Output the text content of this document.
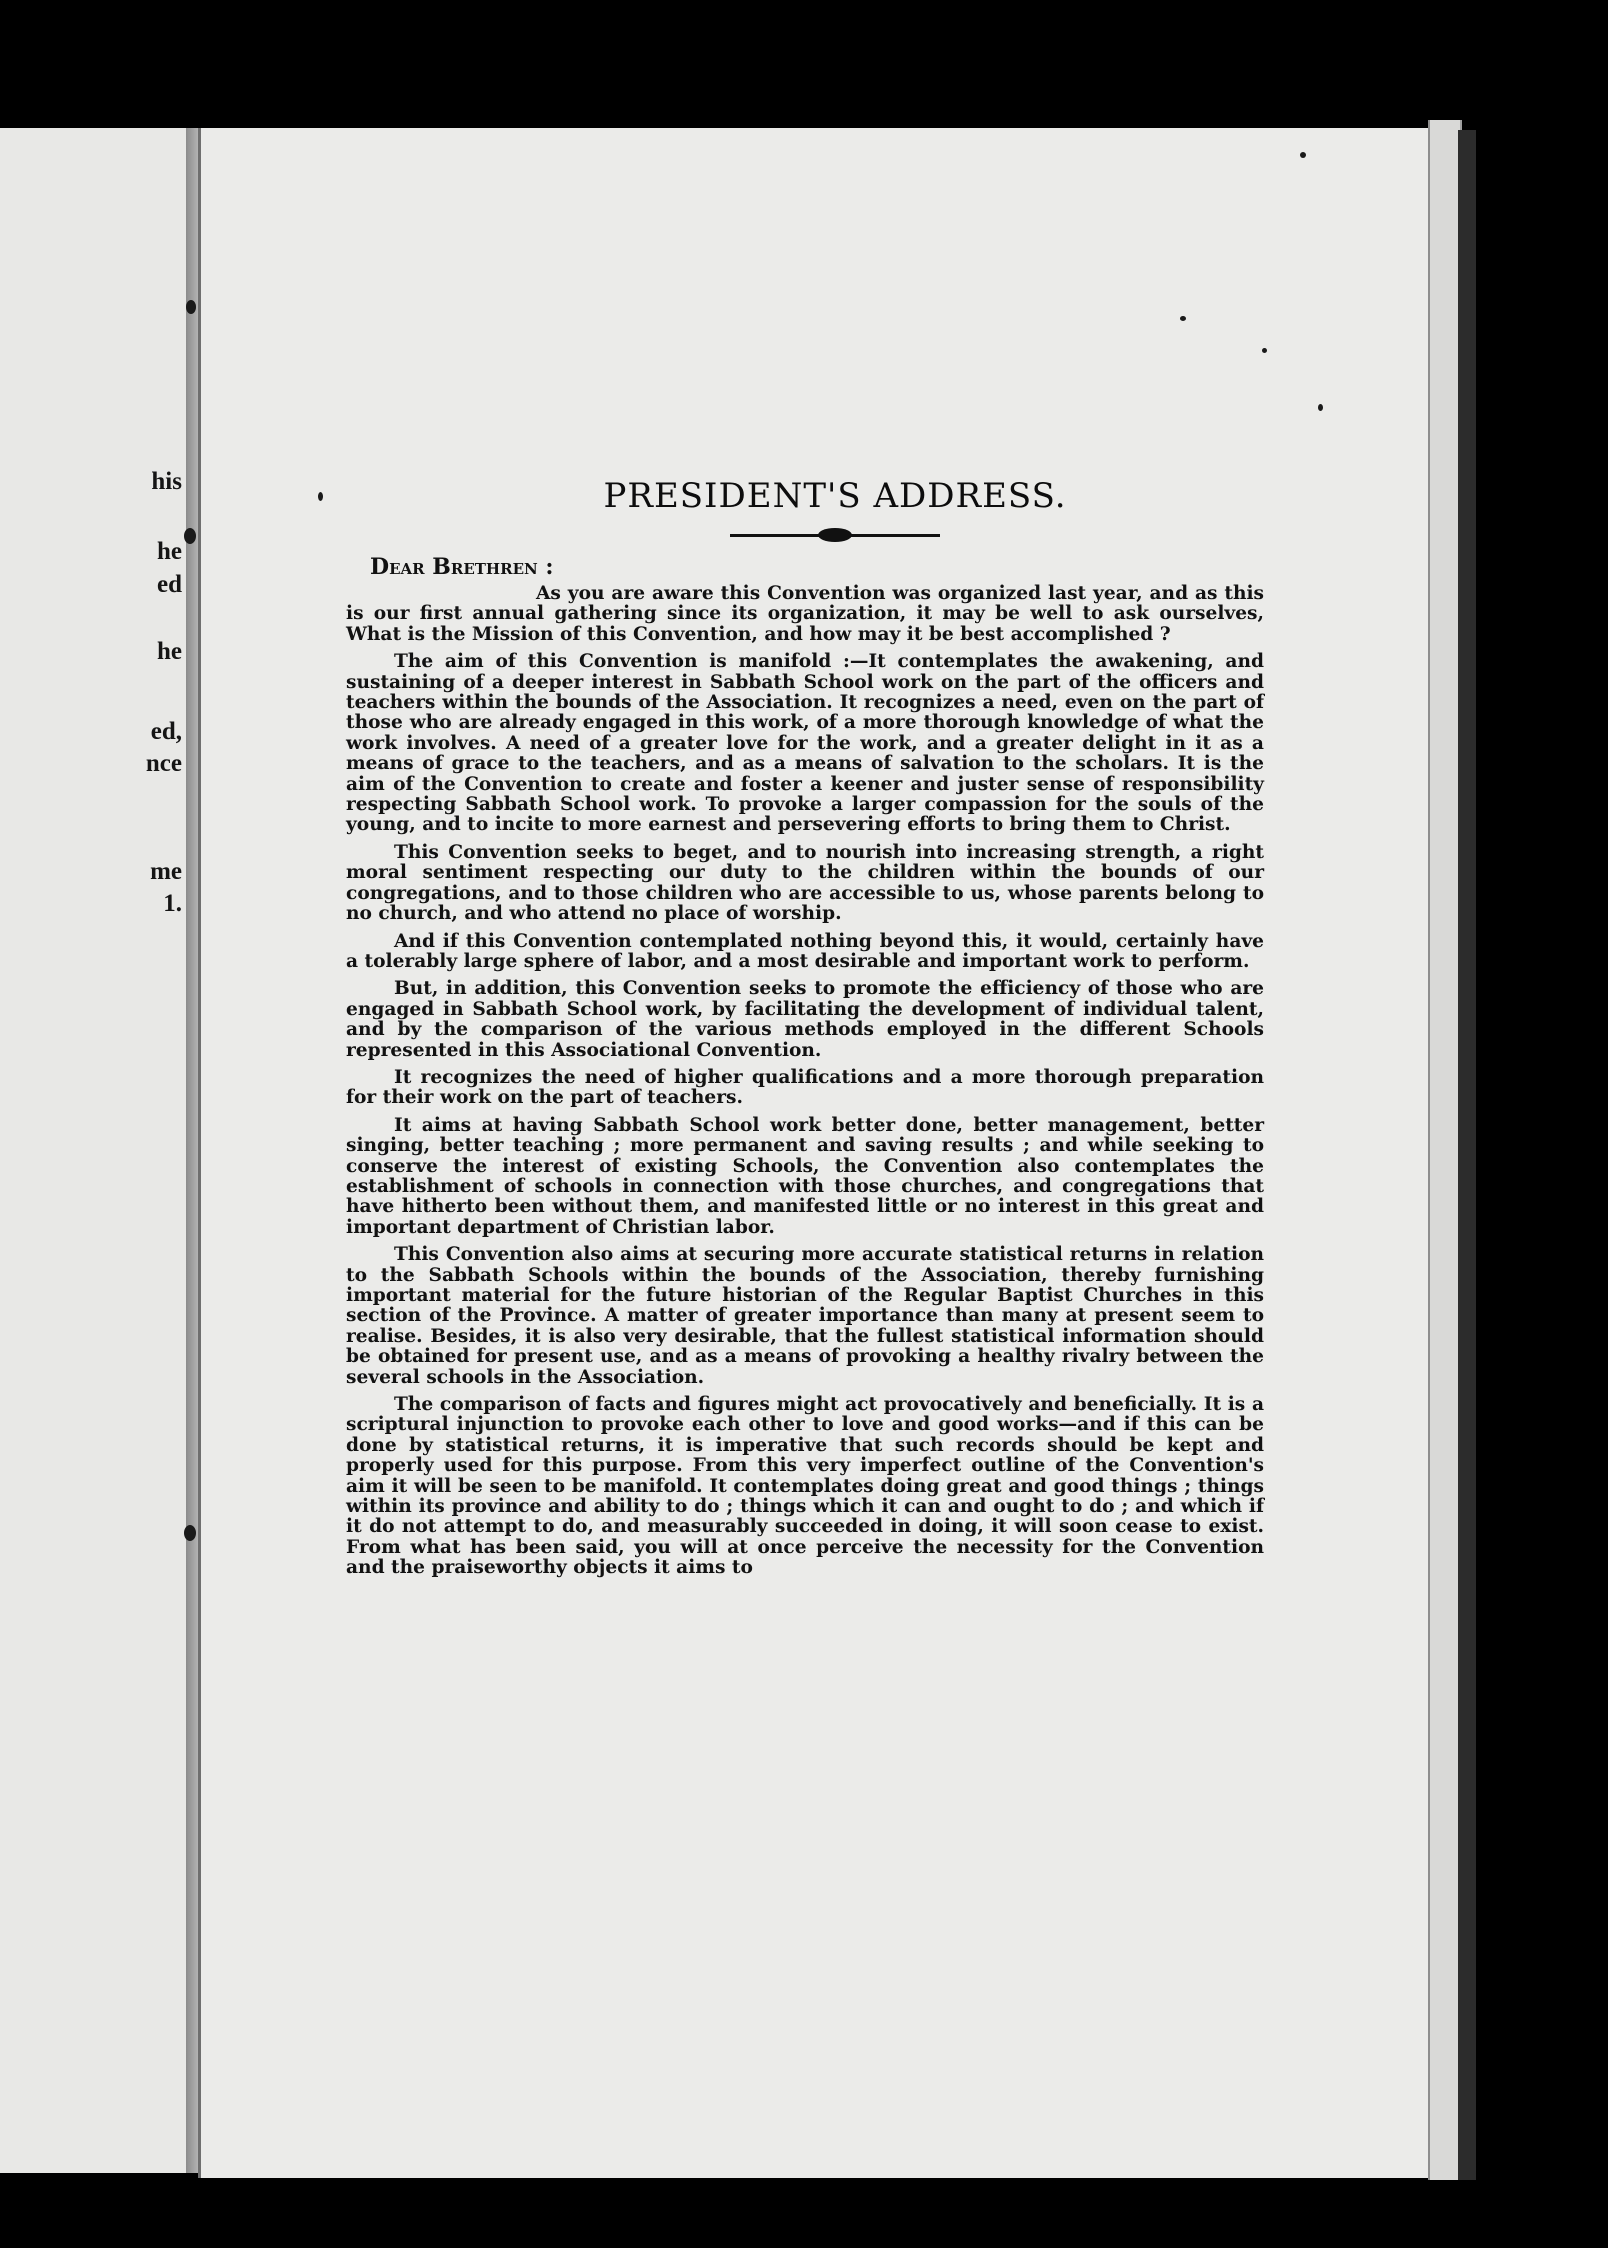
his
he
ed
he
ed,
nce
me
1.
PRESIDENT'S ADDRESS.
Dear Brethren :

As you are aware this Convention was organized last year, and as this is our first annual gathering since its organization, it may be well to ask ourselves, What is the Mission of this Convention, and how may it be best accomplished ?

The aim of this Convention is manifold :—It contemplates the awakening, and sustaining of a deeper interest in Sabbath School work on the part of the officers and teachers within the bounds of the Association. It recognizes a need, even on the part of those who are already engaged in this work, of a more thorough knowledge of what the work involves. A need of a greater love for the work, and a greater delight in it as a means of grace to the teachers, and as a means of salvation to the scholars. It is the aim of the Convention to create and foster a keener and juster sense of responsibility respecting Sabbath School work. To provoke a larger compassion for the souls of the young, and to incite to more earnest and persevering efforts to bring them to Christ.

This Convention seeks to beget, and to nourish into increasing strength, a right moral sentiment respecting our duty to the children within the bounds of our congregations, and to those children who are accessible to us, whose parents belong to no church, and who attend no place of worship.

And if this Convention contemplated nothing beyond this, it would, certainly have a tolerably large sphere of labor, and a most desirable and important work to perform.

But, in addition, this Convention seeks to promote the efficiency of those who are engaged in Sabbath School work, by facilitating the development of individual talent, and by the comparison of the various methods employed in the different Schools represented in this Associational Convention.

It recognizes the need of higher qualifications and a more thorough preparation for their work on the part of teachers.

It aims at having Sabbath School work better done, better management, better singing, better teaching ; more permanent and saving results ; and while seeking to conserve the interest of existing Schools, the Convention also contemplates the establishment of schools in connection with those churches, and congregations that have hitherto been without them, and manifested little or no interest in this great and important department of Christian labor.

This Convention also aims at securing more accurate statistical returns in relation to the Sabbath Schools within the bounds of the Association, thereby furnishing important material for the future historian of the Regular Baptist Churches in this section of the Province. A matter of greater importance than many at present seem to realise. Besides, it is also very desirable, that the fullest statistical information should be obtained for present use, and as a means of provoking a healthy rivalry between the several schools in the Association.

The comparison of facts and figures might act provocatively and beneficially. It is a scriptural injunction to provoke each other to love and good works—and if this can be done by statistical returns, it is imperative that such records should be kept and properly used for this purpose. From this very imperfect outline of the Convention's aim it will be seen to be manifold. It contemplates doing great and good things ; things within its province and ability to do ; things which it can and ought to do ; and which if it do not attempt to do, and measurably succeeded in doing, it will soon cease to exist. From what has been said, you will at once perceive the necessity for the Convention and the praiseworthy objects it aims to
